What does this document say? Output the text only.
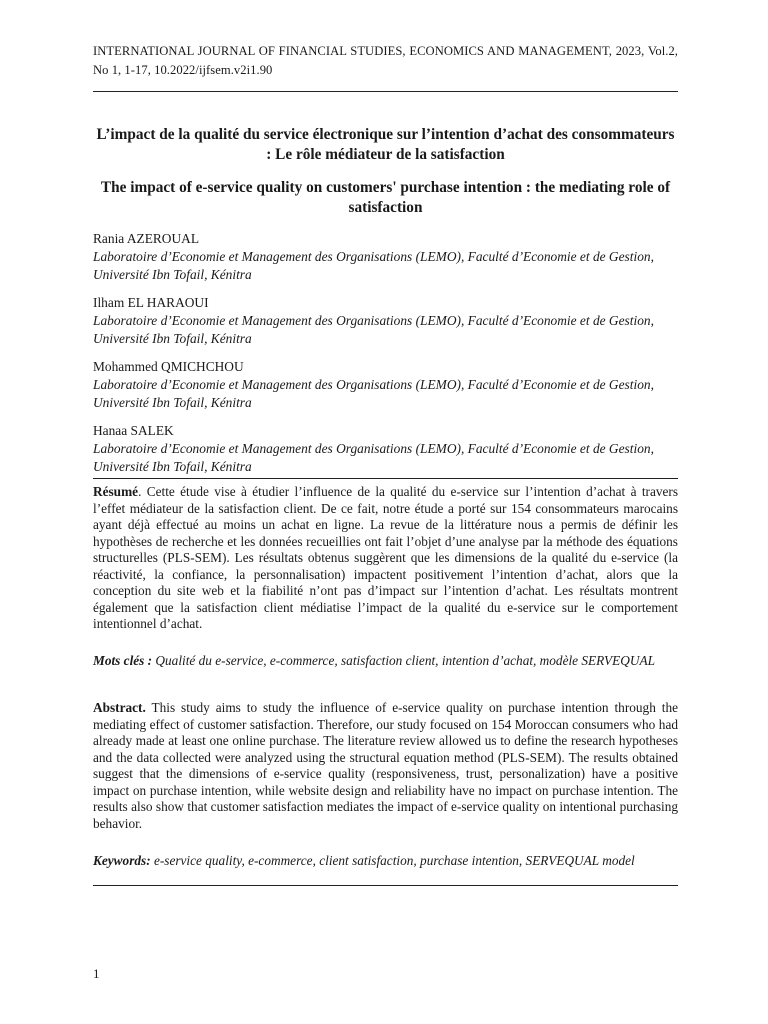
INTERNATIONAL JOURNAL OF FINANCIAL STUDIES, ECONOMICS AND MANAGEMENT, 2023, Vol.2, No 1, 1-17, 10.2022/ijfsem.v2i1.90
L’impact de la qualité du service électronique sur l’intention d’achat des consommateurs : Le rôle médiateur de la satisfaction
The impact of e-service quality on customers' purchase intention : the mediating role of satisfaction
Rania AZEROUAL
Laboratoire d’Economie et Management des Organisations (LEMO), Faculté d’Economie et de Gestion, Université Ibn Tofail, Kénitra
Ilham EL HARAOUI
Laboratoire d’Economie et Management des Organisations (LEMO), Faculté d’Economie et de Gestion, Université Ibn Tofail, Kénitra
Mohammed QMICHCHOU
Laboratoire d’Economie et Management des Organisations (LEMO), Faculté d’Economie et de Gestion, Université Ibn Tofail, Kénitra
Hanaa SALEK
Laboratoire d’Economie et Management des Organisations (LEMO), Faculté d’Economie et de Gestion, Université Ibn Tofail, Kénitra
Résumé. Cette étude vise à étudier l’influence de la qualité du e-service sur l’intention d’achat à travers l’effet médiateur de la satisfaction client. De ce fait, notre étude a porté sur 154 consommateurs marocains ayant déjà effectué au moins un achat en ligne. La revue de la littérature nous a permis de définir les hypothèses de recherche et les données recueillies ont fait l’objet d’une analyse par la méthode des équations structurelles (PLS-SEM). Les résultats obtenus suggèrent que les dimensions de la qualité du e-service (la réactivité, la confiance, la personnalisation) impactent positivement l’intention d’achat, alors que la conception du site web et la fiabilité n’ont pas d’impact sur l’intention d’achat. Les résultats montrent également que la satisfaction client médiatise l’impact de la qualité du e-service sur le comportement intentionnel d’achat.
Mots clés : Qualité du e-service, e-commerce, satisfaction client, intention d’achat, modèle SERVEQUAL
Abstract. This study aims to study the influence of e-service quality on purchase intention through the mediating effect of customer satisfaction. Therefore, our study focused on 154 Moroccan consumers who had already made at least one online purchase. The literature review allowed us to define the research hypotheses and the data collected were analyzed using the structural equation method (PLS-SEM). The results obtained suggest that the dimensions of e-service quality (responsiveness, trust, personalization) have a positive impact on purchase intention, while website design and reliability have no impact on purchase intention. The results also show that customer satisfaction mediates the impact of e-service quality on intentional purchasing behavior.
Keywords: e-service quality, e-commerce, client satisfaction, purchase intention, SERVEQUAL model
1
